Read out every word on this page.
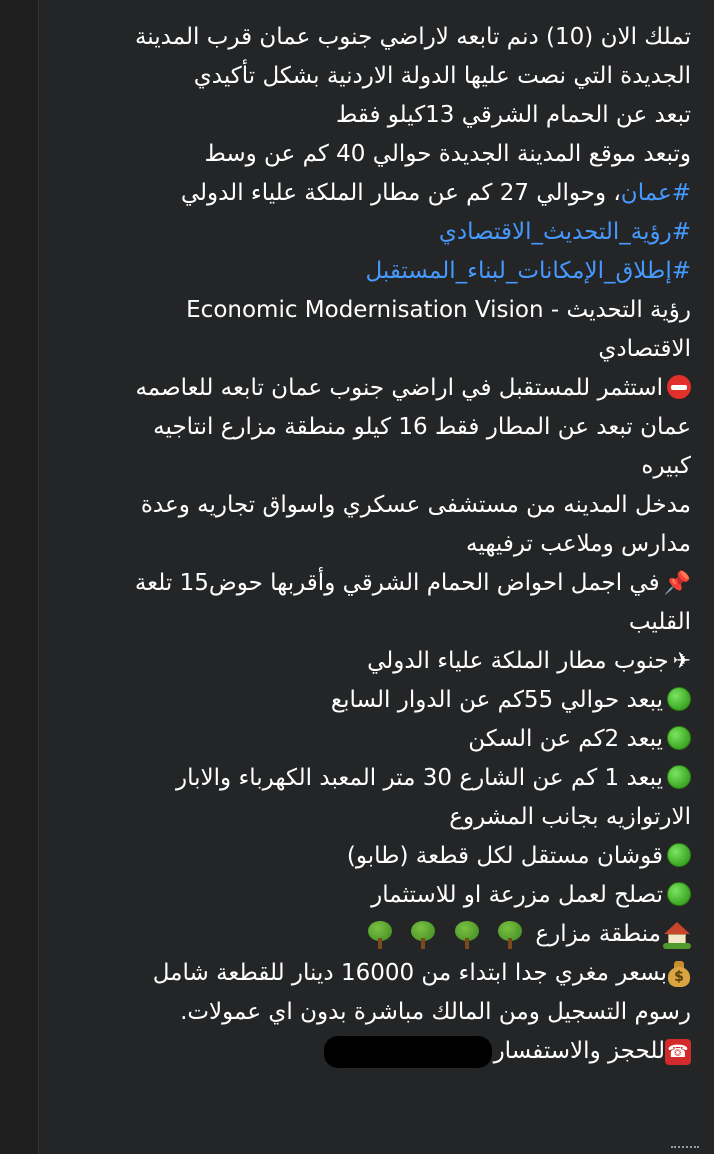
تملك الان (10) دنم تابعه لاراضي جنوب عمان قرب المدينة
الجديدة التي نصت عليها الدولة الاردنية بشكل تأكيدي
تبعد عن الحمام الشرقي 13كيلو فقط
وتبعد موقع المدينة الجديدة حوالي 40 كم عن وسط
#عمان، وحوالي 27 كم عن مطار الملكة علياء الدولي
#رؤية_التحديث_الاقتصادي
#إطلاق_الإمكانات_لبناء_المستقبل
رؤية التحديث - Economic Modernisation Vision
الاقتصادي
استثمر للمستقبل في اراضي جنوب عمان تابعه للعاصمه
عمان تبعد عن المطار فقط 16 كيلو منطقة مزارع انتاجيه
كبيره
مدخل المدينه من مستشفى عسكري واسواق تجاريه وعدة
مدارس وملاعب ترفيهيه
📌في اجمل احواض الحمام الشرقي وأقربها حوض15 تلعة
القليب
✈جنوب مطار الملكة علياء الدولي
يبعد حوالي 55كم عن الدوار السابع
يبعد 2كم عن السكن
يبعد 1 كم عن الشارع 30 متر المعبد الكهرباء والابار
الارتوازيه بجانب المشروع
قوشان مستقل لكل قطعة (طابو)
تصلح لعمل مزرعة او للاستثمار
منطقة مزارع

$
بسعر مغري جدا ابتداء من 16000 دينار للقطعة شامل
رسوم التسجيل ومن المالك مباشرة بدون اي عمولات.
☎للحجز والاستفسار
